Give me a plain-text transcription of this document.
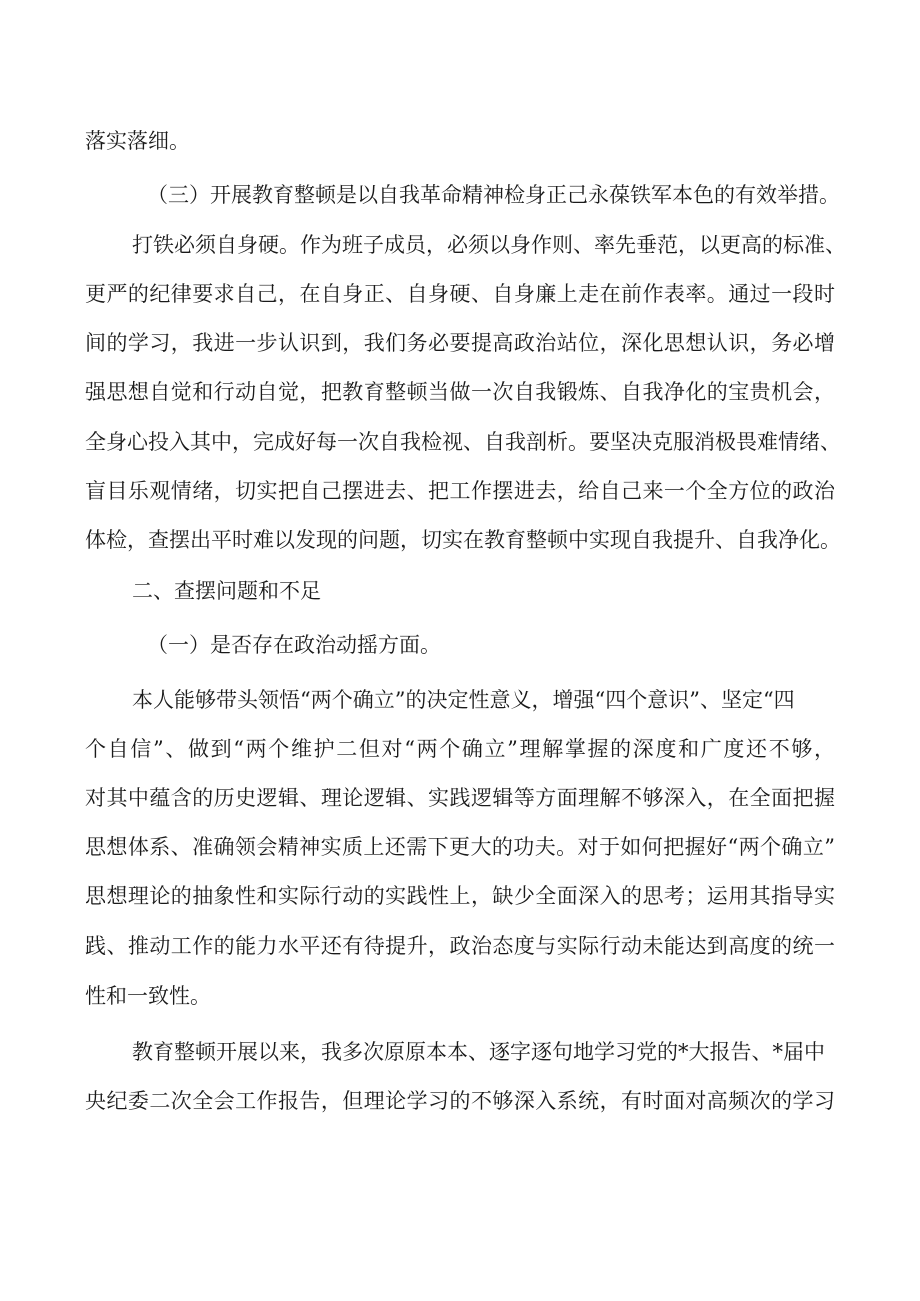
落实落细。
（三）开展教育整顿是以自我革命精神检身正己永葆铁军本色的有效举措。
打铁必须自身硬。作为班子成员，必须以身作则、率先垂范，以更高的标准、
更严的纪律要求自己，在自身正、自身硬、自身廉上走在前作表率。通过一段时
间的学习，我进一步认识到，我们务必要提高政治站位，深化思想认识，务必增
强思想自觉和行动自觉，把教育整顿当做一次自我锻炼、自我净化的宝贵机会，
全身心投入其中，完成好每一次自我检视、自我剖析。要坚决克服消极畏难情绪、
盲目乐观情绪，切实把自己摆进去、把工作摆进去，给自己来一个全方位的政治
体检，查摆出平时难以发现的问题，切实在教育整顿中实现自我提升、自我净化。
二、查摆问题和不足
（一）是否存在政治动摇方面。
本人能够带头领悟“两个确立”的决定性意义，增强“四个意识”、坚定“四
个自信”、做到“两个维护二但对“两个确立”理解掌握的深度和广度还不够，
对其中蕴含的历史逻辑、理论逻辑、实践逻辑等方面理解不够深入，在全面把握
思想体系、准确领会精神实质上还需下更大的功夫。对于如何把握好“两个确立”
思想理论的抽象性和实际行动的实践性上，缺少全面深入的思考；运用其指导实
践、推动工作的能力水平还有待提升，政治态度与实际行动未能达到高度的统一
性和一致性。
教育整顿开展以来，我多次原原本本、逐字逐句地学习党的*大报告、*届中
央纪委二次全会工作报告，但理论学习的不够深入系统，有时面对高频次的学习
